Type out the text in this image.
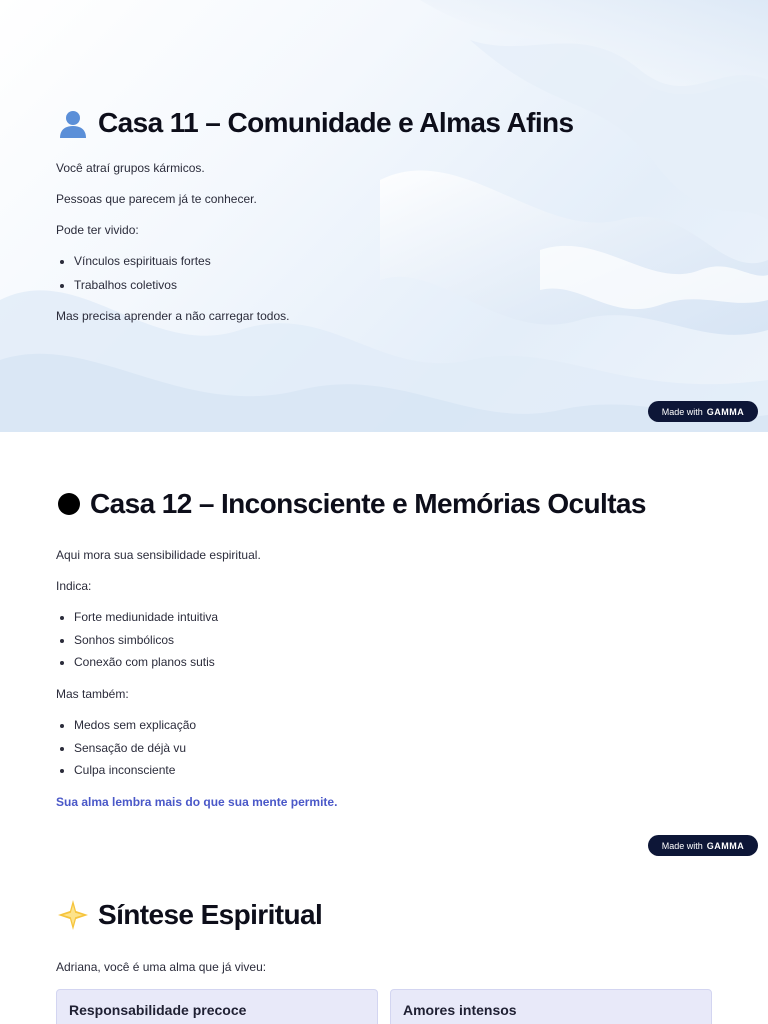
Casa 11 – Comunidade e Almas Afins

Você atraí grupos kármicos.

Pessoas que parecem já te conhecer.

Pode ter vivido:

Vínculos espirituais fortes
Trabalhos coletivos

Mas precisa aprender a não carregar todos.

Made with GAMMA
Casa 12 – Inconsciente e Memórias Ocultas

Aqui mora sua sensibilidade espiritual.

Indica:

Forte mediunidade intuitiva
Sonhos simbólicos
Conexão com planos sutis

Mas também:

Medos sem explicação
Sensação de déjà vu
Culpa inconsciente

Sua alma lembra mais do que sua mente permite.

Made with GAMMA
Síntese Espiritual

Adriana, você é uma alma que já viveu:

Responsabilidade precoce	Amores intensos
